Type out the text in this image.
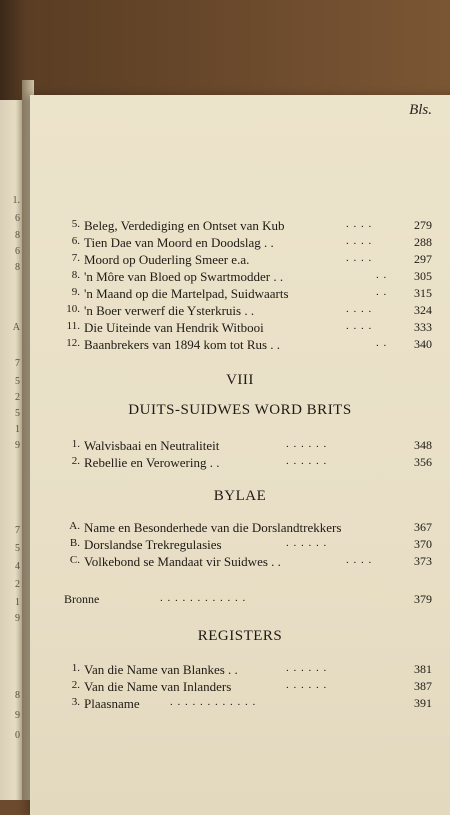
1.
6
8
6
8
A
7
5
2
5
1
9
7
5
4
2
1
9
8
9
0
Bls.
5. Beleg, Verdediging en Ontset van Kub	. . . .	279
6. Tien Dae van Moord en Doodslag . .	. . . .	288
7. Moord op Ouderling Smeer e.a.	. . . .	297
8. 'n Môre van Bloed op Swartmodder . .	. . 305
9. 'n Maand op die Martelpad, Suidwaarts	. . 315
10. 'n Boer verwerf die Ysterkruis . .	. . . .	324
11. Die Uiteinde van Hendrik Witbooi	. . . .	333
12. Baanbrekers van 1894 kom tot Rus . .	. . 340
VIII
DUITS-SUIDWES WORD BRITS
1. Walvisbaai en Neutraliteit	. . . . . .	348
2. Rebellie en Verowering . .	. . . . . .	356
BYLAE
A. Name en Besonderhede van die Dorslandtrekkers	367
B. Dorslandse Trekregulasies	. . . . . .	370
C. Volkebond se Mandaat vir Suidwes . .	. . . .	373
Bronne	. . . . . . . . . . . .	379
REGISTERS
1. Van die Name van Blankes . .	. . . . . .	381
2. Van die Name van Inlanders	. . . . . .	387
3. Plaasname	. . . . . . . . . . . .	391
